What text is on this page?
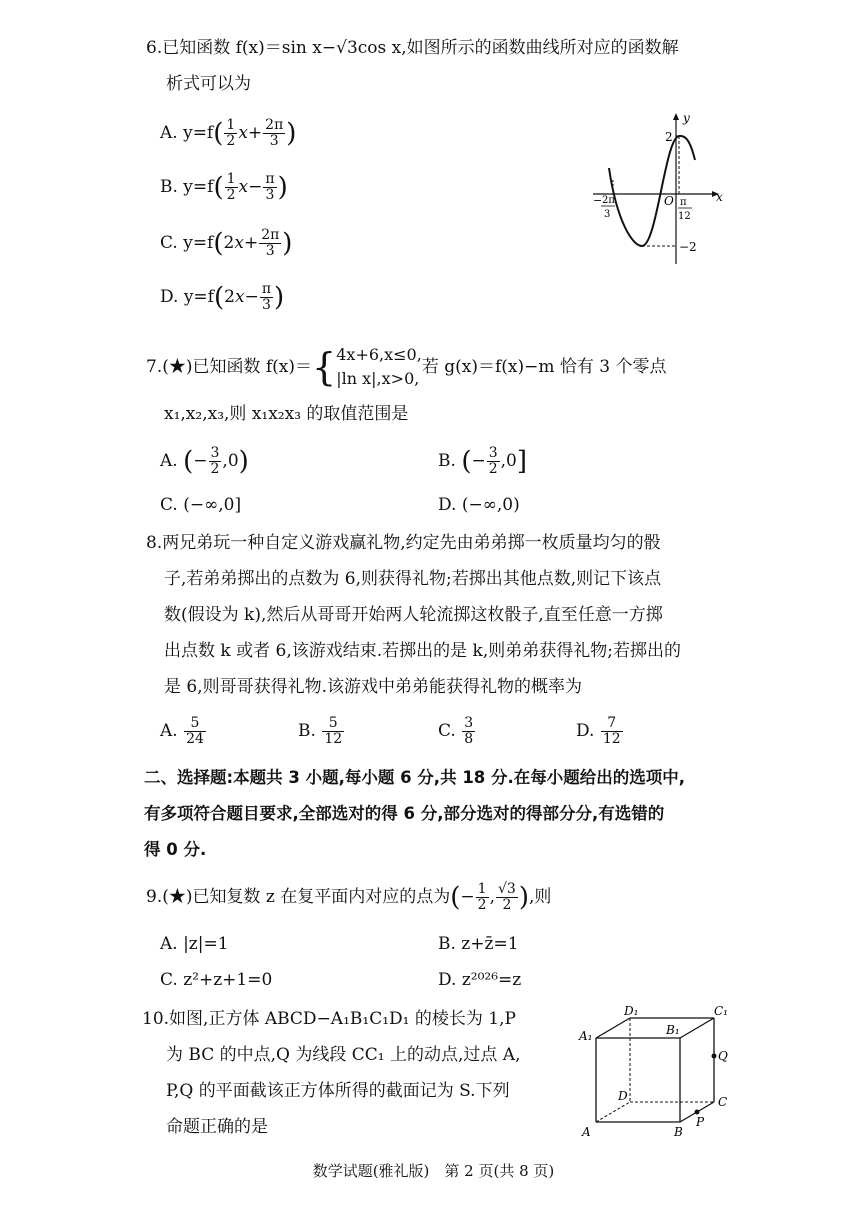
6.已知函数 f(x)＝sin x−√3cos x,如图所示的函数曲线所对应的函数解
析式可以为
A. $y=f( \frac{1}{2} x+ \frac{2\pi}{3}$ )
B. $y=f( \frac{1}{2} x- \frac{\pi}{3}$ )
C. $y=f(2x+ \frac{2\pi}{3}$ )
D. $y=f(2x- \frac{\pi}{3}$ )
y
x
O
2
−2
− 2π
3
π
12
7.(★)已知函数 f(x)＝{ 4x+6,x≤0,
|ln x|,x>0,
若 g(x)＝f(x)−m 恰有 3 个零点
x₁,x₂,x₃,则 x₁x₂x₃ 的取值范围是
A. (− $\frac{3}{2} ,0$)	B. (− $\frac{3}{2} ,0$]
C. (−∞,0]	D. (−∞,0)
8.两兄弟玩一种自定义游戏赢礼物,约定先由弟弟掷一枚质量均匀的骰
子,若弟弟掷出的点数为 6,则获得礼物;若掷出其他点数,则记下该点
数(假设为 k),然后从哥哥开始两人轮流掷这枚骰子,直至任意一方掷
出点数 k 或者 6,该游戏结束.若掷出的是 k,则弟弟获得礼物;若掷出的
是 6,则哥哥获得礼物.该游戏中弟弟能获得礼物的概率为
A. $\frac{5}{24}$	B. $\frac{5}{12}$	C. $\frac{3}{8}$	D. $\frac{7}{12}$
二、选择题:本题共 3 小题,每小题 6 分,共 18 分.在每小题给出的选项中,
有多项符合题目要求,全部选对的得 6 分,部分选对的得部分分,有选错的
得 0 分.
9.(★)已知复数 z 在复平面内对应的点为(− $\frac{1}{2}$ , $\frac{√3}{2}$ ),则
A. |z|=1	B. z+z̄=1
C. z²+z+1=0	D. z²⁰²⁶=z
10.如图,正方体 ABCD−A₁B₁C₁D₁ 的棱长为 1,P
为 BC 的中点,Q 为线段 CC₁ 上的动点,过点 A,
P,Q 的平面截该正方体所得的截面记为 S.下列
命题正确的是	A	B
C
D
A₁	B₁
C₁
D₁
P
Q
数学试题(雅礼版)　第 2 页(共 8 页)
